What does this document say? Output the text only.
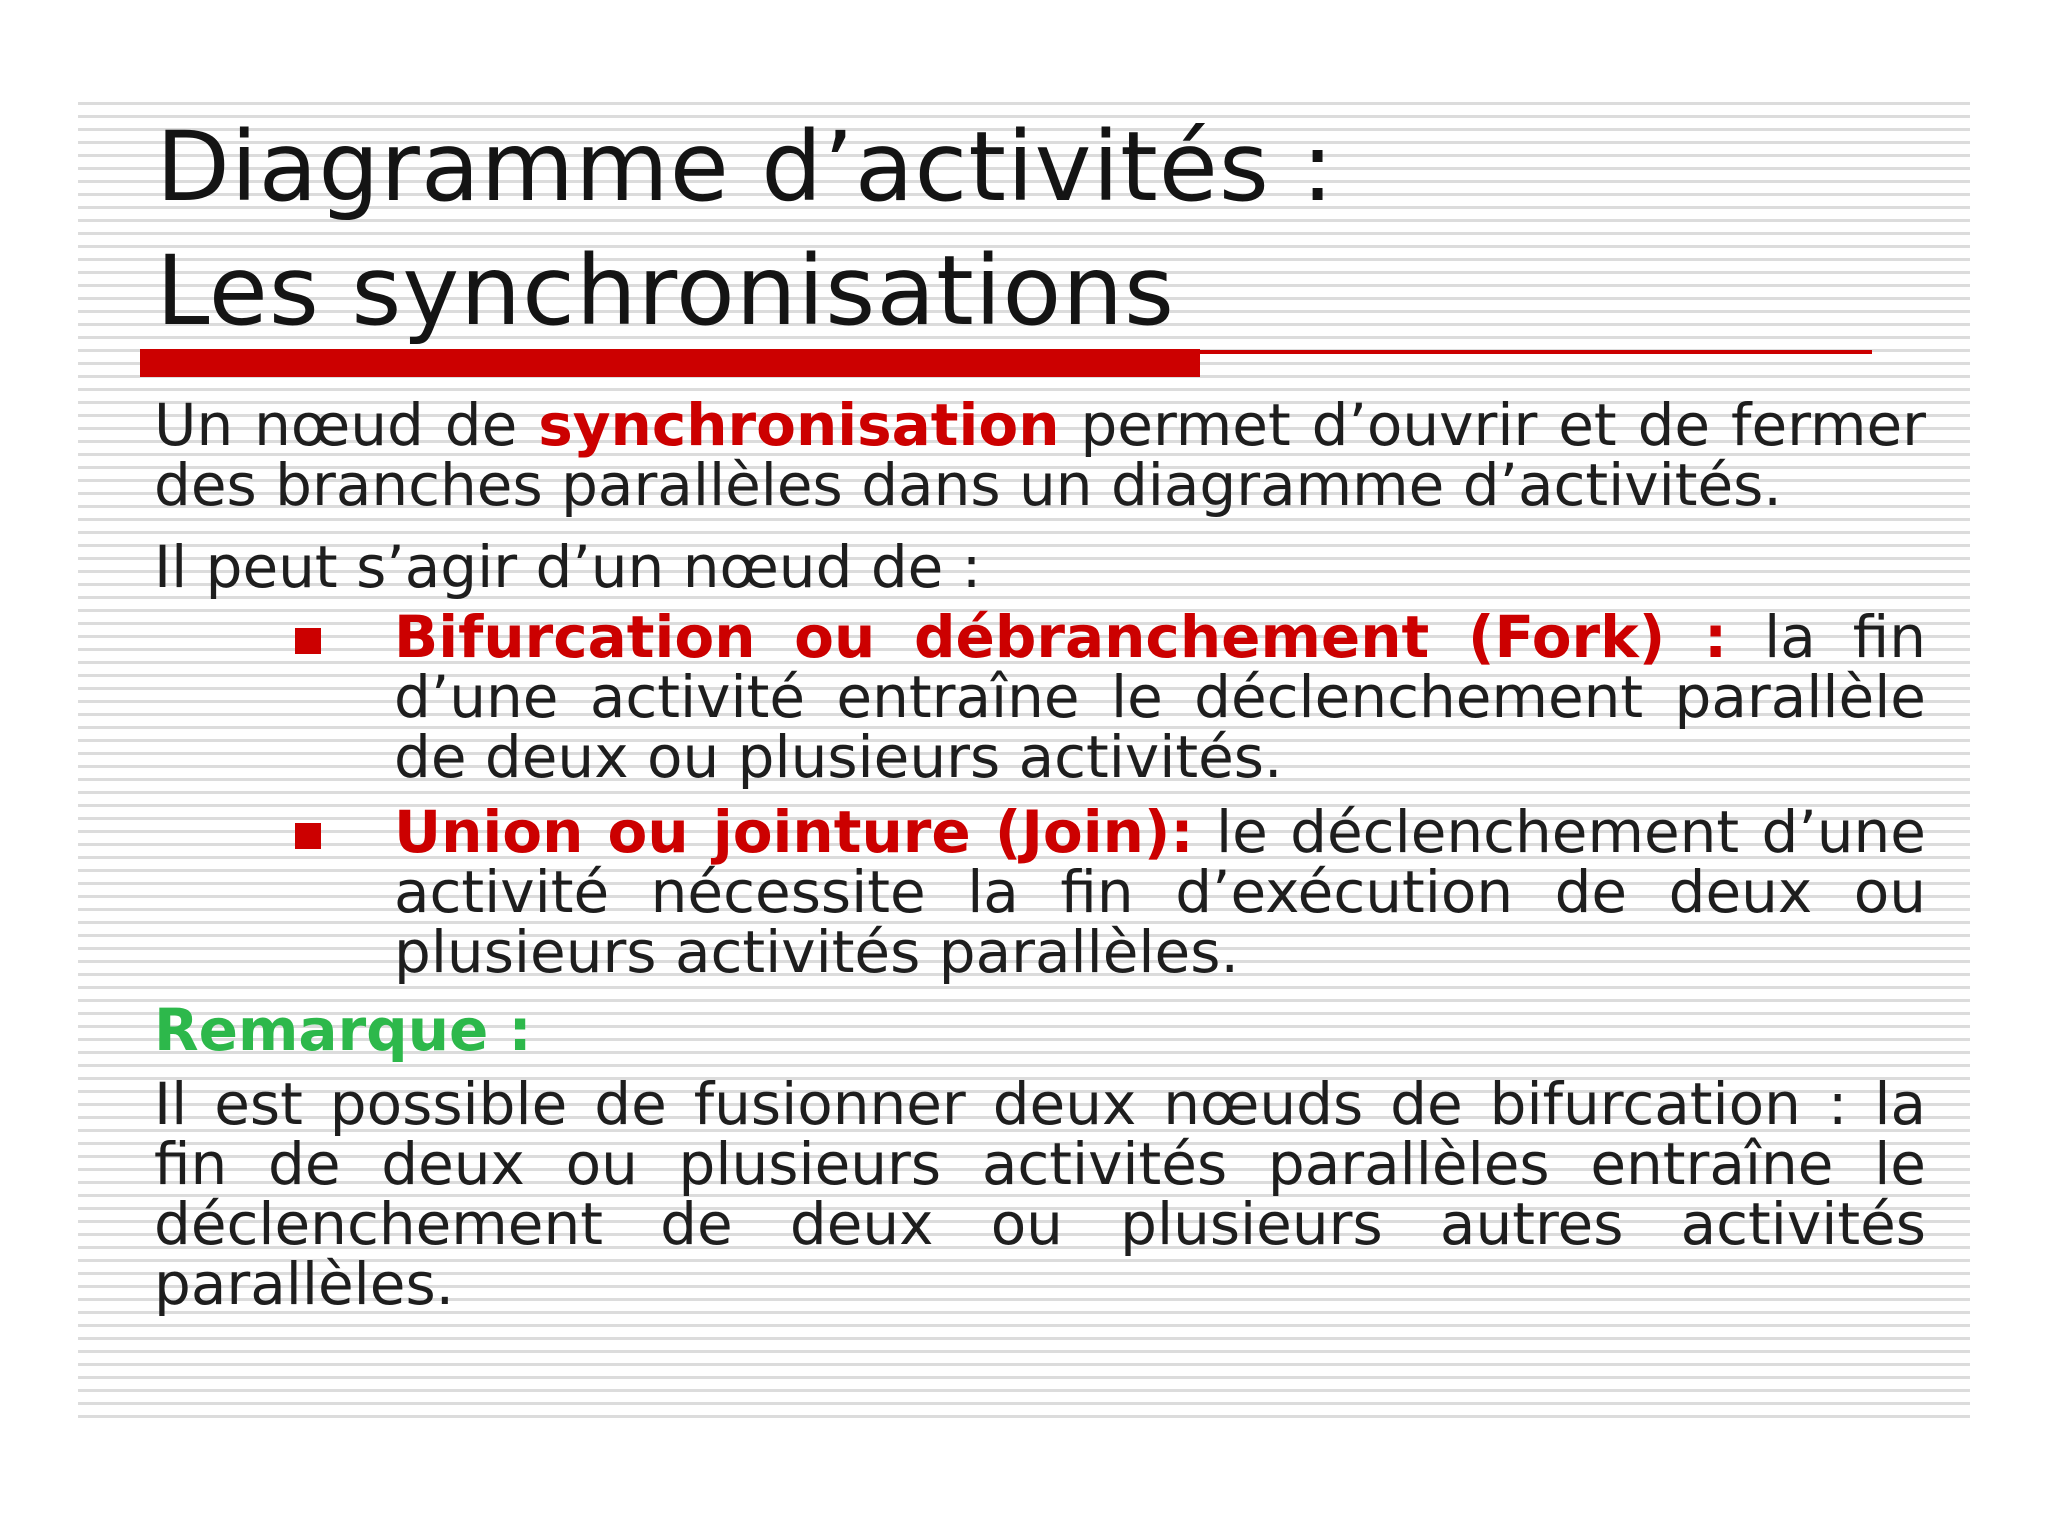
Diagramme d’activités :
Les synchronisations

Un nœud de synchronisation permet d’ouvrir et de fermer des branches parallèles dans un diagramme d’activités.

Il peut s’agir d’un nœud de :

Bifurcation ou débranchement (Fork) : la fin d’une activité entraîne le déclenchement parallèle de deux ou plusieurs activités.
Union ou jointure (Join): le déclenchement d’une activité nécessite la fin d’exécution de deux ou plusieurs activités parallèles.

Remarque :

Il est possible de fusionner deux nœuds de bifurcation : la fin de deux ou plusieurs activités parallèles entraîne le déclenchement de deux ou plusieurs autres activités parallèles.
